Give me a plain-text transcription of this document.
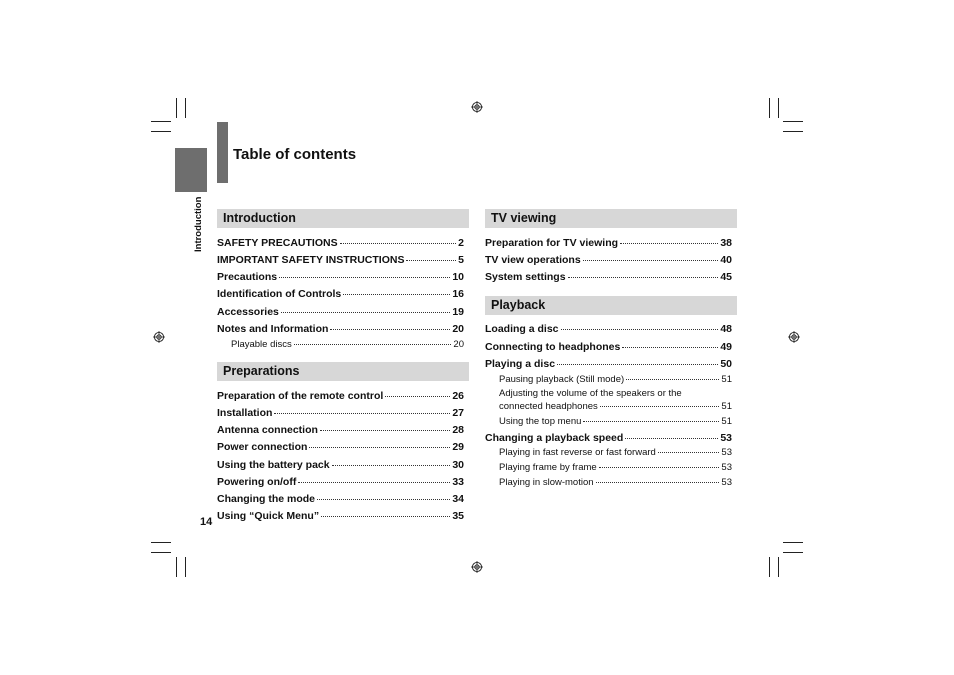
Introduction
Table of contents
Introduction
SAFETY PRECAUTIONS	2
IMPORTANT SAFETY INSTRUCTIONS	5
Precautions	10
Identification of Controls	16
Accessories	19
Notes and Information	20
Playable discs	20
Preparations
Preparation of the remote control	26
Installation	27
Antenna connection	28
Power connection	29
Using the battery pack	30
Powering on/off	33
Changing the mode	34
Using “Quick Menu”	35
14
TV viewing
Preparation for TV viewing	38
TV view operations	40
System settings	45
Playback
Loading a disc	48
Connecting to headphones	49
Playing a disc	50
Pausing playback (Still mode)	51
Adjusting the volume of the speakers or the
connected headphones	51
Using the top menu	51
Changing a playback speed	53
Playing in fast reverse or fast forward	53
Playing frame by frame	53
Playing in slow-motion	53
